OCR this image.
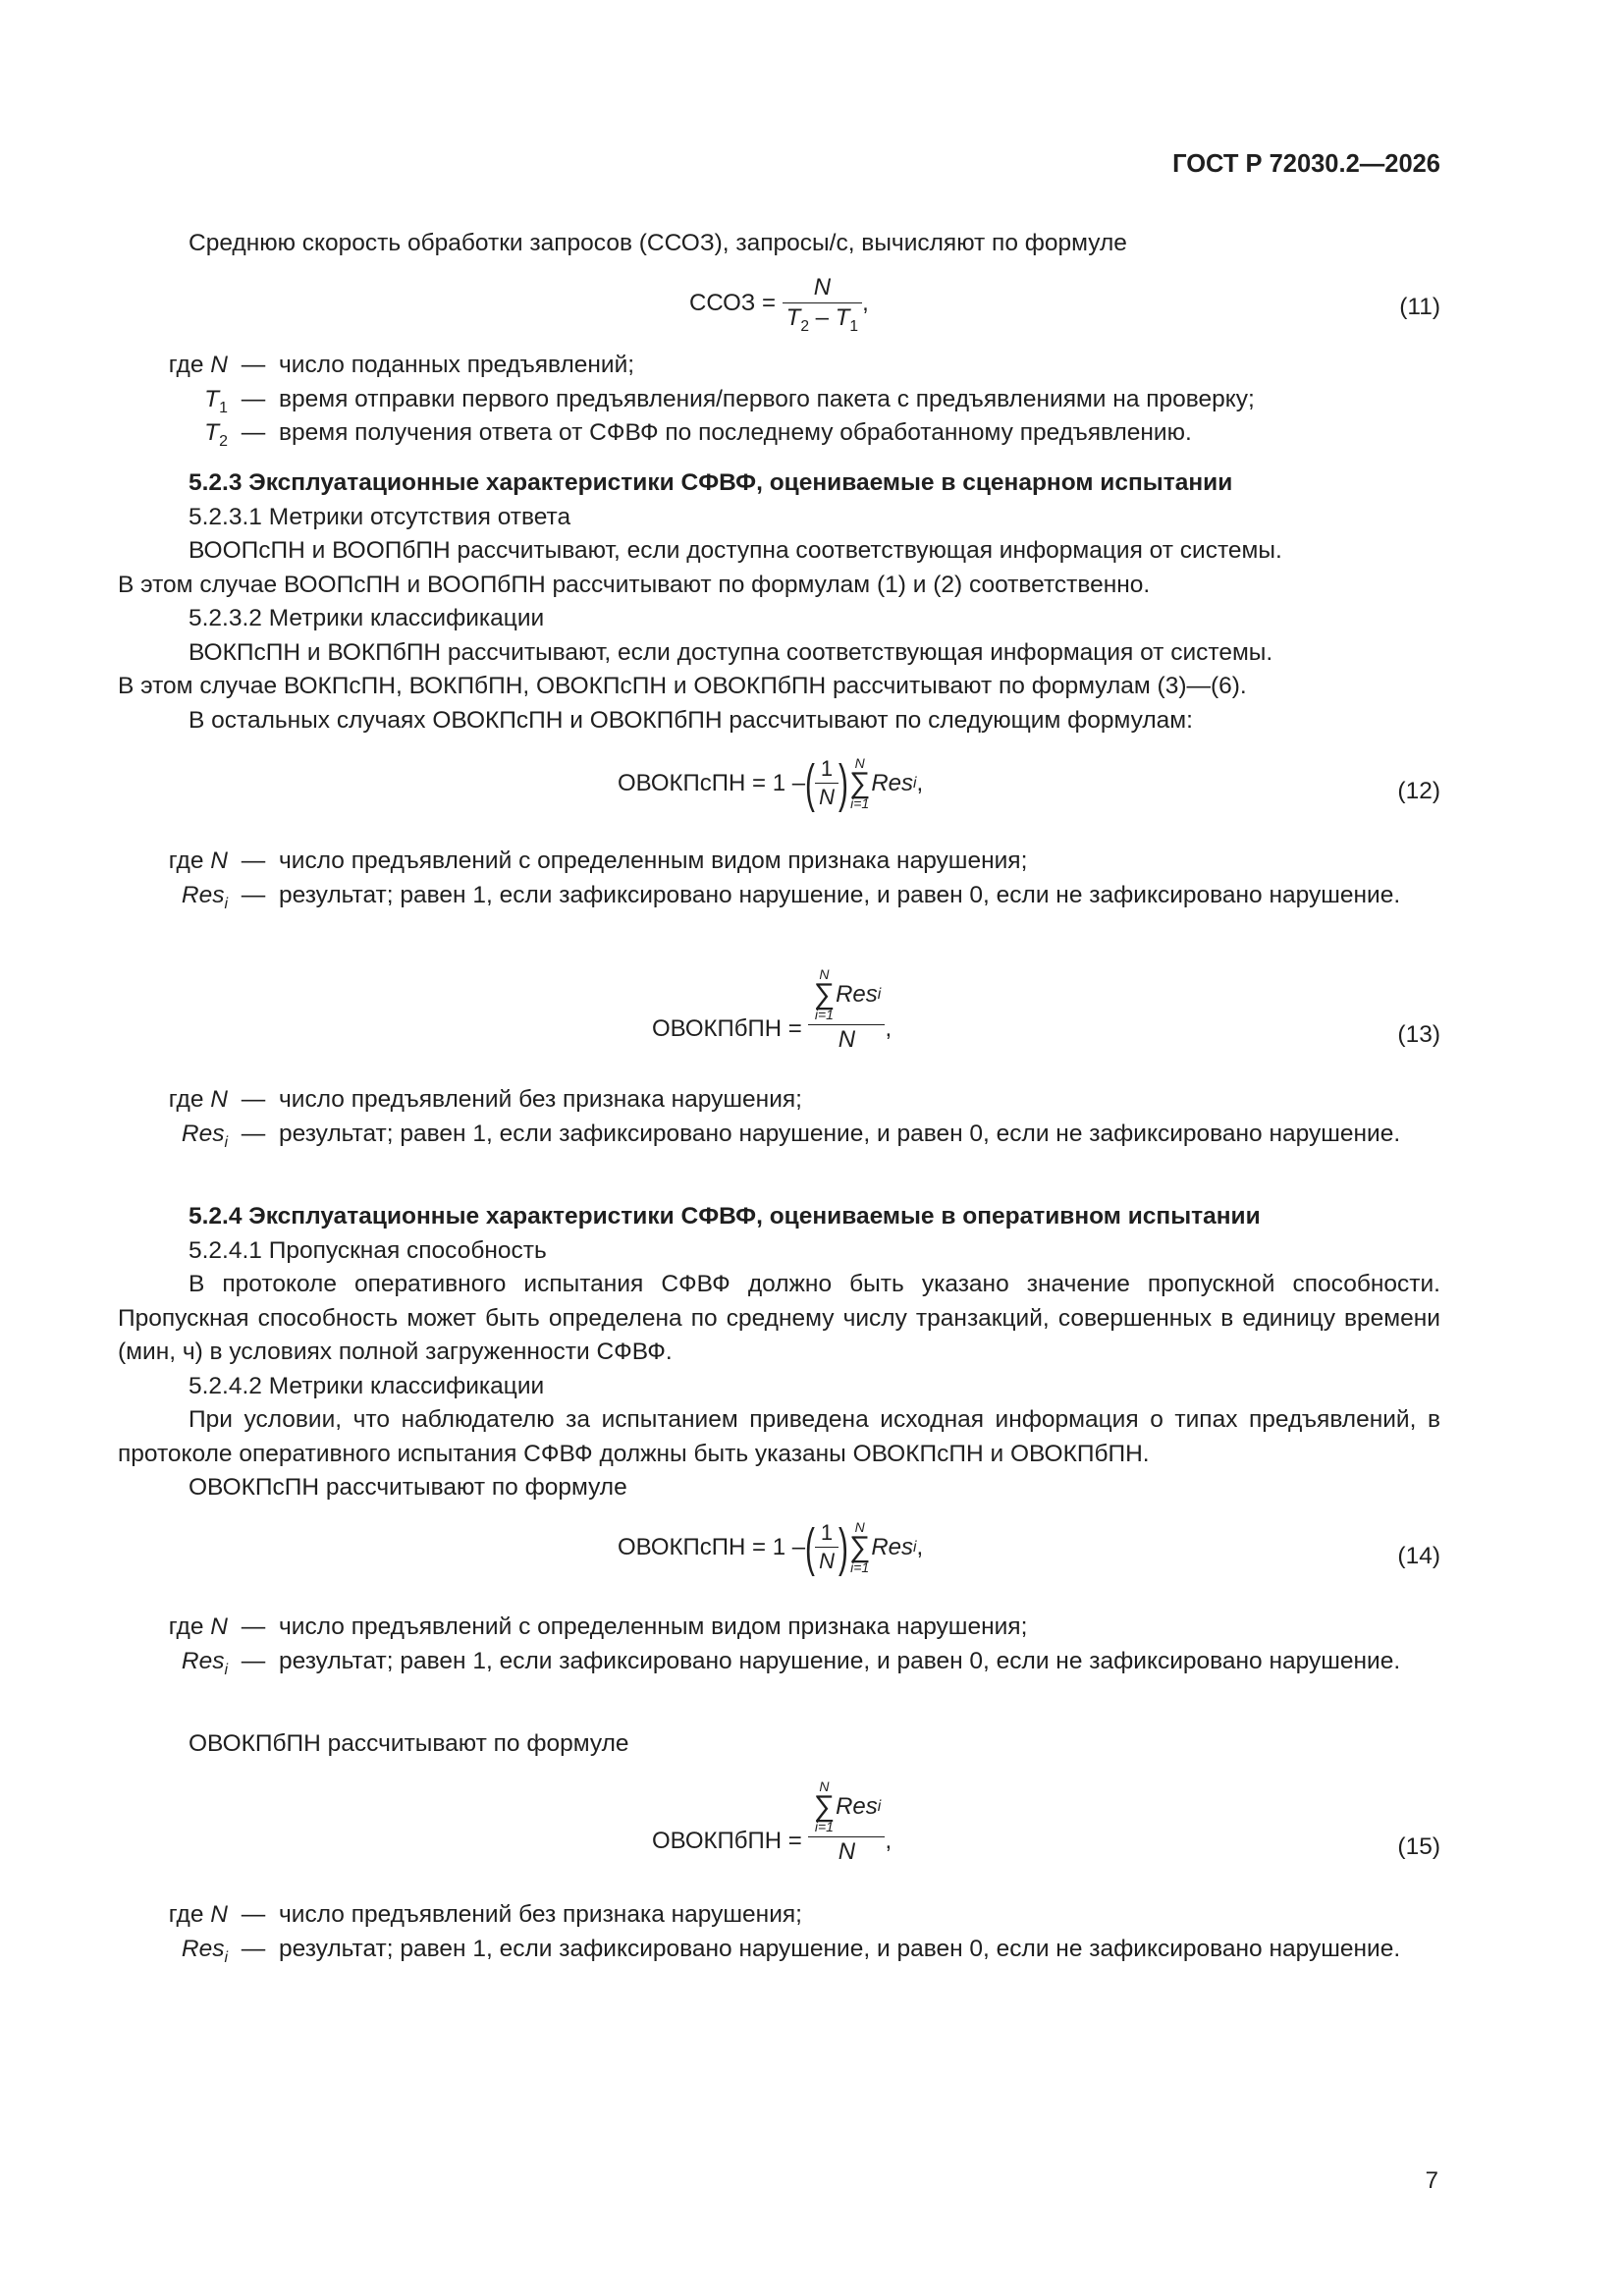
ГОСТ Р 72030.2—2026

Среднюю скорость обработки запросов (ССОЗ), запросы/с, вычисляют по формуле

ССОЗ =
$\frac{N}{T_2 - T_1}$ ,	(11)
где N — число поданных предъявлений;
$T_1$ — время отправки первого предъявления/первого пакета с предъявлениями на проверку;
$T_2$ — время получения ответа от СФВФ по последнему обработанному предъявлению.

5.2.3 Эксплуатационные характеристики СФВФ, оцениваемые в сценарном испытании

5.2.3.1 Метрики отсутствия ответа

ВООПсПН и ВООПбПН рассчитывают, если доступна соответствующая информация от системы.

В этом случае ВООПсПН и ВООПбПН рассчитывают по формулам (1) и (2) соответственно.

5.2.3.2 Метрики классификации

ВОКПсПН и ВОКПбПН рассчитывают, если доступна соответствующая информация от системы.

В этом случае ВОКПсПН, ВОКПбПН, ОВОКПсПН и ОВОКПбПН рассчитывают по формулам (3)—(6).

В остальных случаях ОВОКПсПН и ОВОКПбПН рассчитывают по следующим формулам:

ОВОКПсПН = 1 – ( $\frac{1}{N}$ ) N
∑
i=1
Res i ,	(12)
где N — число предъявлений с определенным видом признака нарушения;
Res$_i$ — результат; равен 1, если зафиксировано нарушение, и равен 0, если не зафиксировано нарушение.
ОВОКПбПН =
N
∑
i=1
Res i
N ,	(13)
где N — число предъявлений без признака нарушения;
Res$_i$ — результат; равен 1, если зафиксировано нарушение, и равен 0, если не зафиксировано нарушение.

5.2.4 Эксплуатационные характеристики СФВФ, оцениваемые в оперативном испытании

5.2.4.1 Пропускная способность

В протоколе оперативного испытания СФВФ должно быть указано значение пропускной способности. Пропускная способность может быть определена по среднему числу транзакций, совершенных в единицу времени (мин, ч) в условиях полной загруженности СФВФ.

5.2.4.2 Метрики классификации

При условии, что наблюдателю за испытанием приведена исходная информация о типах предъявлений, в протоколе оперативного испытания СФВФ должны быть указаны ОВОКПсПН и ОВОКПбПН.

ОВОКПсПН рассчитывают по формуле

ОВОКПсПН = 1 – ( $\frac{1}{N}$ ) N
∑
i=1
Res i ,	(14)
где N — число предъявлений с определенным видом признака нарушения;
Res$_i$ — результат; равен 1, если зафиксировано нарушение, и равен 0, если не зафиксировано нарушение.

ОВОКПбПН рассчитывают по формуле

ОВОКПбПН =
N
∑
i=1
Res i
N ,	(15)
где N — число предъявлений без признака нарушения;
Res$_i$ — результат; равен 1, если зафиксировано нарушение, и равен 0, если не зафиксировано нарушение.
7
